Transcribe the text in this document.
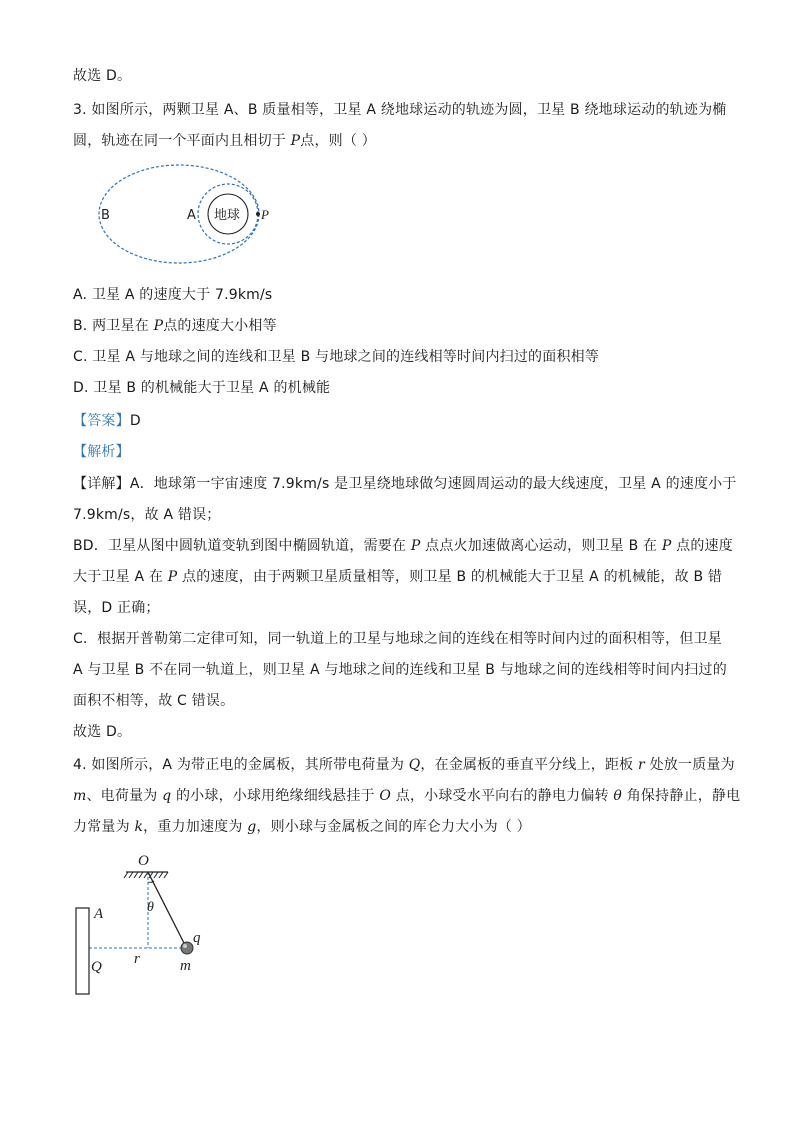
故选 D。
3. 如图所示，两颗卫星 A、B 质量相等，卫星 A 绕地球运动的轨迹为圆，卫星 B 绕地球运动的轨迹为椭
圆，轨迹在同一个平面内且相切于 P点，则（ ）
B	A 地球 P
A. 卫星 A 的速度大于 7.9km/s
B. 两卫星在 P点的速度大小相等
C. 卫星 A 与地球之间的连线和卫星 B 与地球之间的连线相等时间内扫过的面积相等
D. 卫星 B 的机械能大于卫星 A 的机械能
【答案】D
【解析】
【详解】A．地球第一宇宙速度 7.9km/s 是卫星绕地球做匀速圆周运动的最大线速度，卫星 A 的速度小于
7.9km/s，故 A 错误；
BD．卫星从图中圆轨道变轨到图中椭圆轨道，需要在 P 点点火加速做离心运动，则卫星 B 在 P 点的速度
大于卫星 A 在 P 点的速度，由于两颗卫星质量相等，则卫星 B 的机械能大于卫星 A 的机械能，故 B 错
误，D 正确；
C．根据开普勒第二定律可知，同一轨道上的卫星与地球之间的连线在相等时间内过的面积相等，但卫星
A 与卫星 B 不在同一轨道上，则卫星 A 与地球之间的连线和卫星 B 与地球之间的连线相等时间内扫过的
面积不相等，故 C 错误。
故选 D。
4. 如图所示，A 为带正电的金属板，其所带电荷量为 Q，在金属板的垂直平分线上，距板 r 处放一质量为
m、电荷量为 q 的小球，小球用绝缘细线悬挂于 O 点，小球受水平向右的静电力偏转 θ 角保持静止，静电
力常量为 k，重力加速度为 g，则小球与金属板之间的库仑力大小为（ ）
O
θ
A
Q r
q
m
